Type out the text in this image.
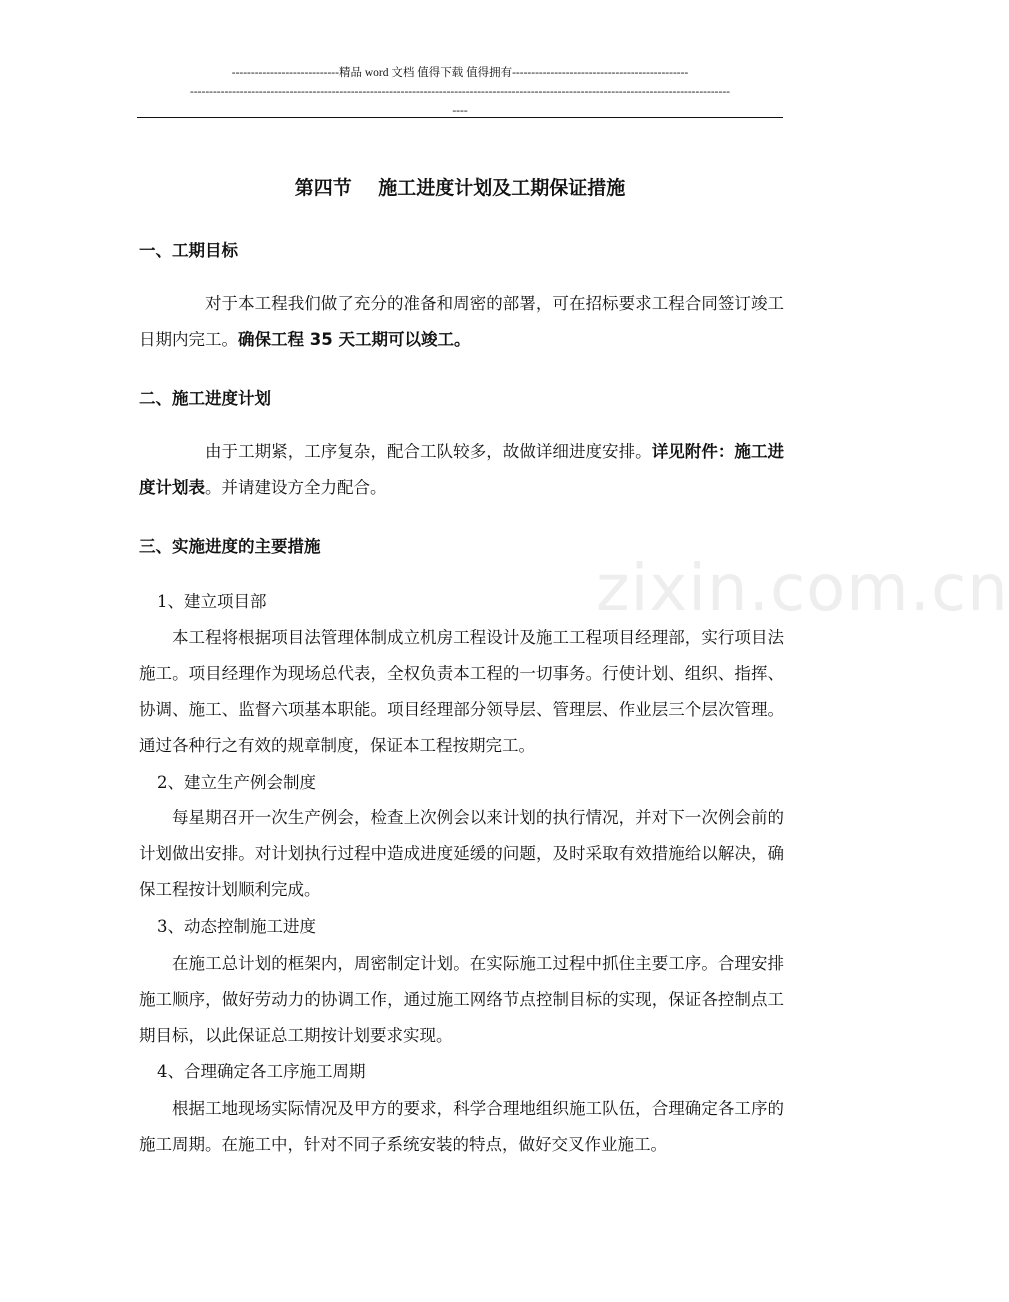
----------------------------精品 word 文档 值得下载 值得拥有----------------------------------------------
---------------------------------------------------------------------------------------------------------------------------------------------
----
zixin.com.cn
第四节    施工进度计划及工期保证措施
一、工期目标

对于本工程我们做了充分的准备和周密的部署，可在招标要求工程合同签订竣工日期内完工。确保工程 35 天工期可以竣工。

二、施工进度计划

由于工期紧，工序复杂，配合工队较多，故做详细进度安排。详见附件：施工进度计划表。并请建设方全力配合。

三、实施进度的主要措施
1、建立项目部

本工程将根据项目法管理体制成立机房工程设计及施工工程项目经理部，实行项目法施工。项目经理作为现场总代表，全权负责本工程的一切事务。行使计划、组织、指挥、协调、施工、监督六项基本职能。项目经理部分领导层、管理层、作业层三个层次管理。通过各种行之有效的规章制度，保证本工程按期完工。

2、建立生产例会制度

每星期召开一次生产例会，检查上次例会以来计划的执行情况，并对下一次例会前的计划做出安排。对计划执行过程中造成进度延缓的问题，及时采取有效措施给以解决，确保工程按计划顺利完成。

3、动态控制施工进度

在施工总计划的框架内，周密制定计划。在实际施工过程中抓住主要工序。合理安排施工顺序，做好劳动力的协调工作，通过施工网络节点控制目标的实现，保证各控制点工期目标，以此保证总工期按计划要求实现。

4、合理确定各工序施工周期

根据工地现场实际情况及甲方的要求，科学合理地组织施工队伍，合理确定各工序的施工周期。在施工中，针对不同子系统安装的特点，做好交叉作业施工。
